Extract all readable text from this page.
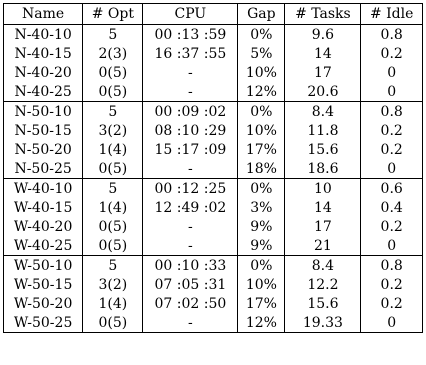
Name	# Opt	CPU	Gap	# Tasks	# Idle
N-40-10	5	00 :13 :59	0%	9.6	0.8
N-40-15	2(3)	16 :37 :55	5%	14	0.2
N-40-20	0(5)	-	10%	17	0
N-40-25	0(5)	-	12%	20.6	0
N-50-10	5	00 :09 :02	0%	8.4	0.8
N-50-15	3(2)	08 :10 :29	10%	11.8	0.2
N-50-20	1(4)	15 :17 :09	17%	15.6	0.2
N-50-25	0(5)	-	18%	18.6	0
W-40-10	5	00 :12 :25	0%	10	0.6
W-40-15	1(4)	12 :49 :02	3%	14	0.4
W-40-20	0(5)	-	9%	17	0.2
W-40-25	0(5)	-	9%	21	0
W-50-10	5	00 :10 :33	0%	8.4	0.8
W-50-15	3(2)	07 :05 :31	10%	12.2	0.2
W-50-20	1(4)	07 :02 :50	17%	15.6	0.2
W-50-25	0(5)	-	12%	19.33	0
